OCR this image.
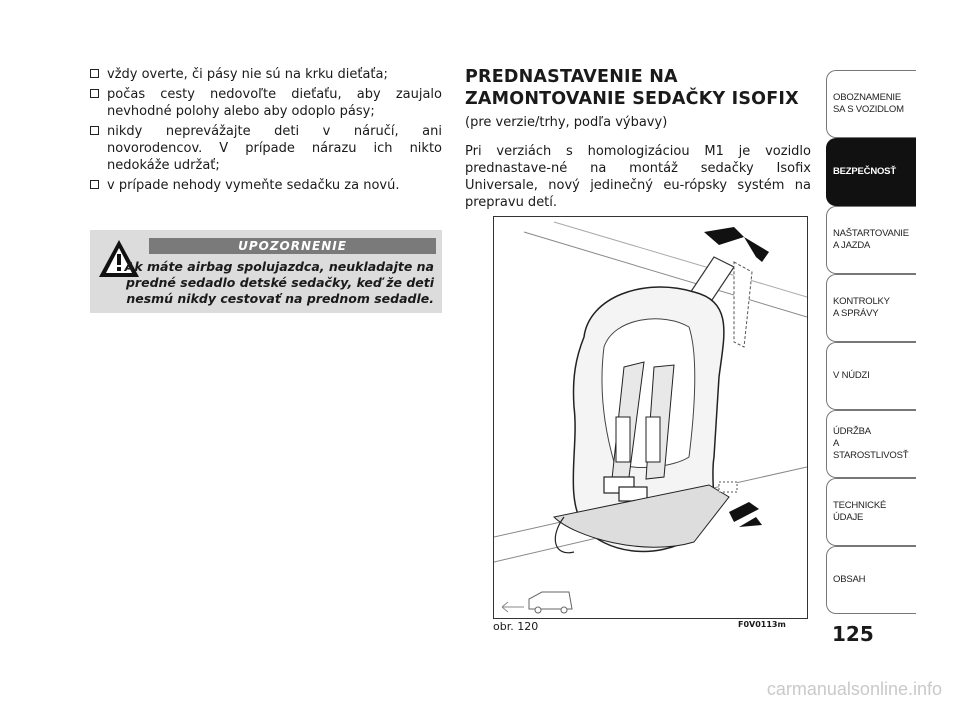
vždy overte, či pásy nie sú na krku dieťaťa;
počas cesty nedovoľte dieťaťu, aby zaujalo nevhodné polohy alebo aby odoplo pásy;
nikdy neprevážajte deti v náručí, ani novorodencov. V prípade nárazu ich nikto nedokáže udržať;
v prípade nehody vymeňte sedačku za novú.
UPOZORNENIE
Ak máte airbag spolujazdca, neukladajte na predné sedadlo detské sedačky, keď že deti nesmú nikdy cestovať na prednom sedadle.
PREDNASTAVENIE NA ZAMONTOVANIE SEDAČKY ISOFIX
(pre verzie/trhy, podľa výbavy)
Pri verziách s homologizáciou M1 je vozidlo prednastave-né na montáž sedačky Isofix Universale, nový jedinečný eu-rópsky systém na prepravu detí.
obr. 120	F0V0113m
OBOZNAMENIE
SA S VOZIDLOM
BEZPEČNOSŤ
NAŠTARTOVANIE
A JAZDA
KONTROLKY
A SPRÁVY
V NÚDZI
ÚDRŽBA
A STAROSTLIVOSŤ
TECHNICKÉ
ÚDAJE
OBSAH
125
carmanualsonline.info
